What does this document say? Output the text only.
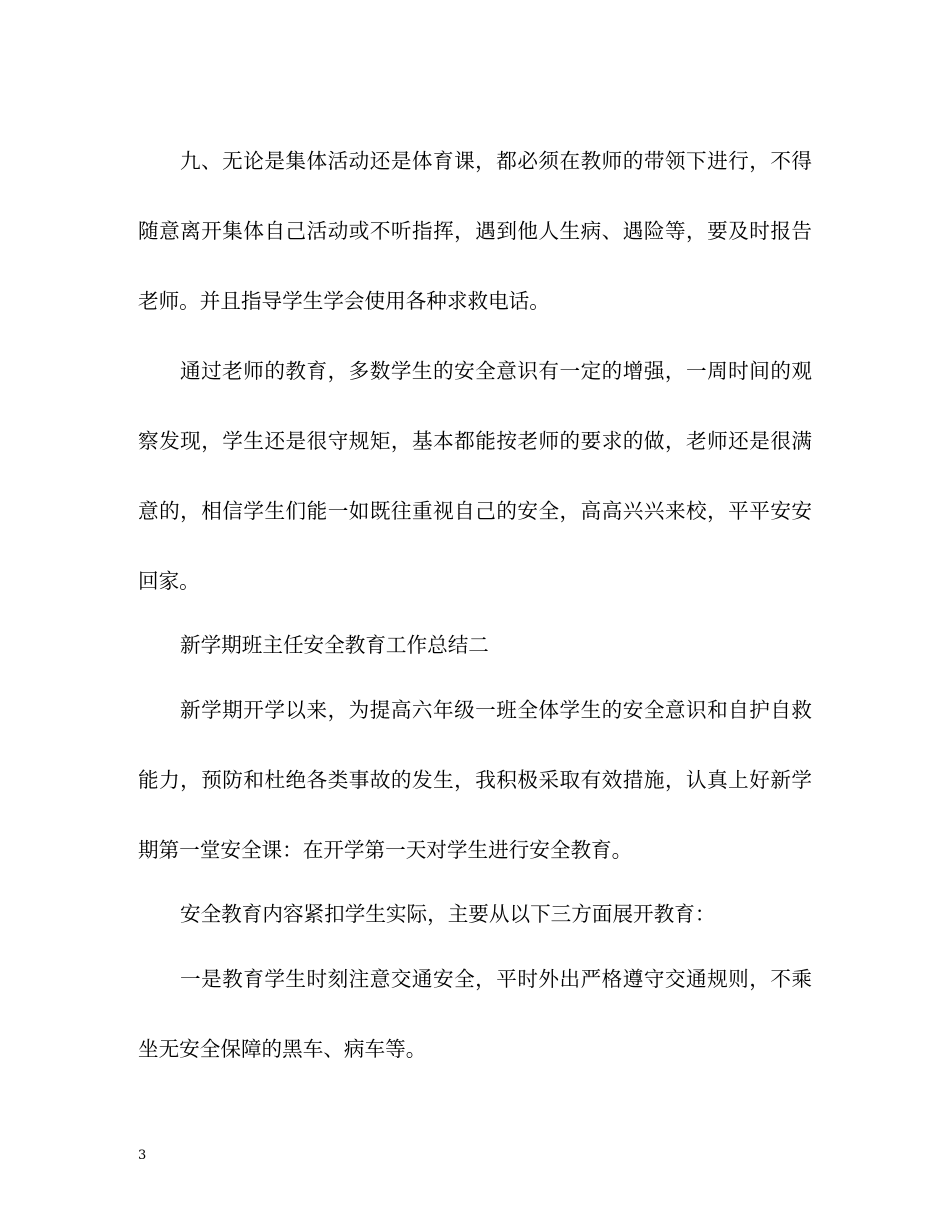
九、无论是集体活动还是体育课，都必须在教师的带领下进行，不得随意离开集体自己活动或不听指挥，遇到他人生病、遇险等，要及时报告老师。并且指导学生学会使用各种求救电话。

通过老师的教育，多数学生的安全意识有一定的增强，一周时间的观察发现，学生还是很守规矩，基本都能按老师的要求的做，老师还是很满意的，相信学生们能一如既往重视自己的安全，高高兴兴来校，平平安安回家。

新学期班主任安全教育工作总结二

新学期开学以来，为提高六年级一班全体学生的安全意识和自护自救能力，预防和杜绝各类事故的发生，我积极采取有效措施，认真上好新学期第一堂安全课：在开学第一天对学生进行安全教育。

安全教育内容紧扣学生实际，主要从以下三方面展开教育：

一是教育学生时刻注意交通安全，平时外出严格遵守交通规则，不乘坐无安全保障的黑车、病车等。

3
